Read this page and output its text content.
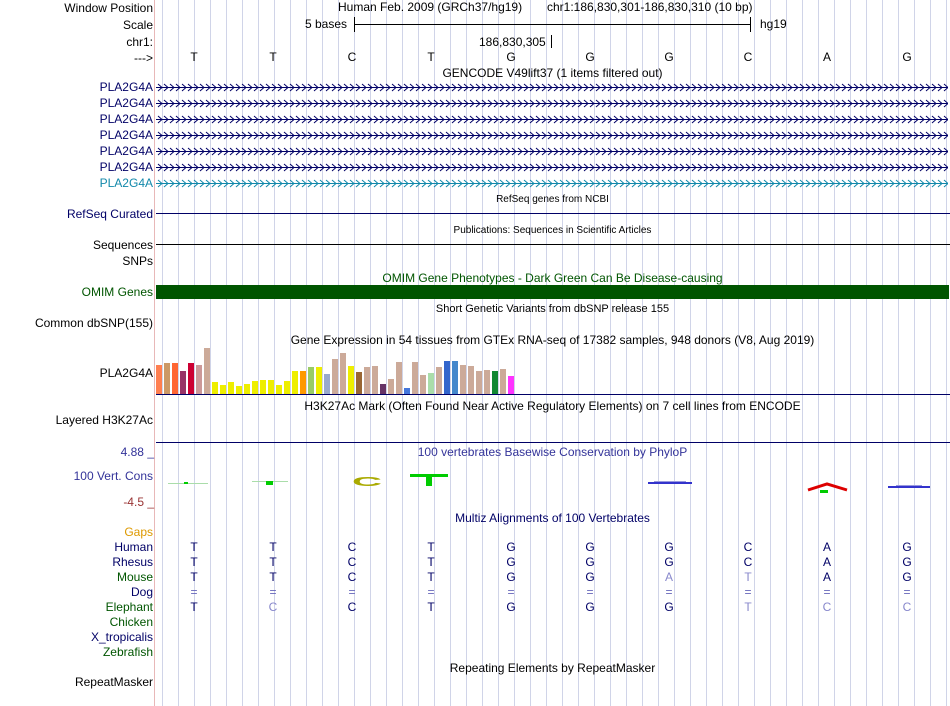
Window Position
Scale
chr1:
--->
Human Feb. 2009 (GRCh37/hg19) chr1:186,830,301-186,830,310 (10 bp)
5 bases	hg19
186,830,305
T	T	C	T	G	G	G	C	A	G
GENCODE V49lift37 (1 items filtered out)
PLA2G4A
PLA2G4A
PLA2G4A
PLA2G4A
PLA2G4A
PLA2G4A
PLA2G4A
RefSeq genes from NCBI
RefSeq Curated
Publications: Sequences in Scientific Articles
Sequences
SNPs
OMIM Gene Phenotypes - Dark Green Can Be Disease-causing
OMIM Genes
Short Genetic Variants from dbSNP release 155
Common dbSNP(155)
Gene Expression in 54 tissues from GTEx RNA-seq of 17382 samples, 948 donors (V8, Aug 2019)
PLA2G4A
H3K27Ac Mark (Often Found Near Active Regulatory Elements) on 7 cell lines from ENCODE
Layered H3K27Ac
100 vertebrates Basewise Conservation by PhyloP
4.88 _
100 Vert. Cons
-4.5 _
C
Multiz Alignments of 100 Vertebrates
Gaps
Human	T	T	C	T	G	G	G	C	A	G
Rhesus	T	T	C	T	G	G	G	C	A	G
Mouse	T	T	C	T	G	G	A	T	A	G
Dog	=	=	=	=	=	=	=	=	=	=
Elephant	T	C	C	T	G	G	G	T	C	C
Chicken
X_tropicalis
Zebrafish
Repeating Elements by RepeatMasker
RepeatMasker
